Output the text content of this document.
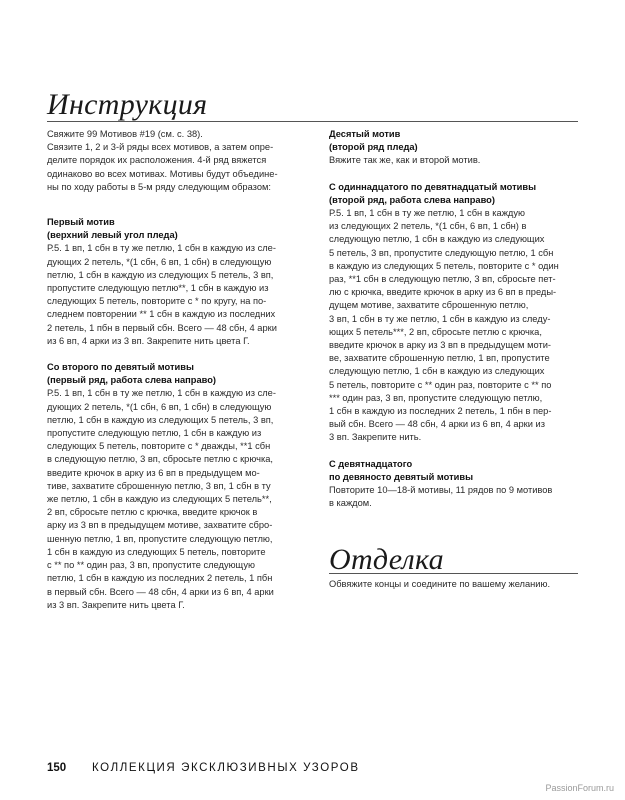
Инструкция

Свяжите 99 Мотивов #19 (см. с. 38).
Связите 1, 2 и 3-й ряды всех мотивов, а затем опре-
делите порядок их расположения. 4-й ряд вяжется
одинаково во всех мотивах. Мотивы будут объедине-
ны по ходу работы в 5-м ряду следующим образом:

Первый мотив
(верхний левый угол пледа)

Р.5. 1 вп, 1 сбн в ту же петлю, 1 сбн в каждую из сле-
дующих 2 петель, *(1 сбн, 6 вп, 1 сбн) в следующую
петлю, 1 сбн в каждую из следующих 5 петель, 3 вп,
пропустите следующую петлю**, 1 сбн в каждую из
следующих 5 петель, повторите с * по кругу, на по-
следнем повторении ** 1 сбн в каждую из последних
2 петель, 1 пбн в первый сбн. Всего — 48 сбн, 4 арки
из 6 вп, 4 арки из 3 вп. Закрепите нить цвета Г.

Со второго по девятый мотивы
(первый ряд, работа слева направо)

Р.5. 1 вп, 1 сбн в ту же петлю, 1 сбн в каждую из сле-
дующих 2 петель, *(1 сбн, 6 вп, 1 сбн) в следующую
петлю, 1 сбн в каждую из следующих 5 петель, 3 вп,
пропустите следующую петлю, 1 сбн в каждую из
следующих 5 петель, повторите с * дважды, **1 сбн
в следующую петлю, 3 вп, сбросьте петлю с крючка,
введите крючок в арку из 6 вп в предыдущем мо-
тиве, захватите сброшенную петлю, 3 вп, 1 сбн в ту
же петлю, 1 сбн в каждую из следующих 5 петель**,
2 вп, сбросьте петлю с крючка, введите крючок в
арку из 3 вп в предыдущем мотиве, захватите сбро-
шенную петлю, 1 вп, пропустите следующую петлю,
1 сбн в каждую из следующих 5 петель, повторите
с ** по ** один раз, 3 вп, пропустите следующую
петлю, 1 сбн в каждую из последних 2 петель, 1 пбн
в первый сбн. Всего — 48 сбн, 4 арки из 6 вп, 4 арки
из 3 вп. Закрепите нить цвета Г.

Десятый мотив
(второй ряд пледа)

Вяжите так же, как и второй мотив.

С одиннадцатого по девятнадцатый мотивы
(второй ряд, работа слева направо)

Р.5. 1 вп, 1 сбн в ту же петлю, 1 сбн в каждую
из следующих 2 петель, *(1 сбн, 6 вп, 1 сбн) в
следующую петлю, 1 сбн в каждую из следующих
5 петель, 3 вп, пропустите следующую петлю, 1 сбн
в каждую из следующих 5 петель, повторите с * один
раз, **1 сбн в следующую петлю, 3 вп, сбросьте пет-
лю с крючка, введите крючок в арку из 6 вп в преды-
дущем мотиве, захватите сброшенную петлю,
3 вп, 1 сбн в ту же петлю, 1 сбн в каждую из следу-
ющих 5 петель***, 2 вп, сбросьте петлю с крючка,
введите крючок в арку из 3 вп в предыдущем моти-
ве, захватите сброшенную петлю, 1 вп, пропустите
следующую петлю, 1 сбн в каждую из следующих
5 петель, повторите с ** один раз, повторите с ** по
*** один раз, 3 вп, пропустите следующую петлю,
1 сбн в каждую из последних 2 петель, 1 пбн в пер-
вый сбн. Всего — 48 сбн, 4 арки из 6 вп, 4 арки из
3 вп. Закрепите нить.

С девятнадцатого
по девяносто девятый мотивы

Повторите 10—18-й мотивы, 11 рядов по 9 мотивов
в каждом.

Отделка
Обвяжите концы и соедините по вашему желанию.
150 КОЛЛЕКЦИЯ ЭКСКЛЮЗИВНЫХ УЗОРОВ
PassionForum.ru
